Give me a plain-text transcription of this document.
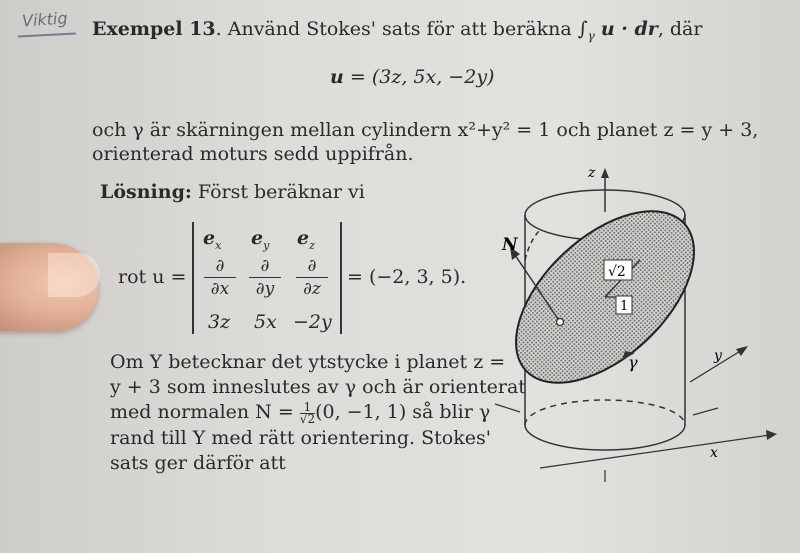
Viktig Exempel 13. Använd Stokes' sats för att beräkna $\int_\gamma$ u · dr, där
u = (3z, 5x, −2y)
och γ är skärningen mellan cylindern x²+y² = 1 och planet z = y + 3,
orienterad moturs sedd uppifrån.
Lösning: Först beräknar vi
rot u =
$e_x$ $e_y$ $e_z$
∂
∂x
∂
∂y
∂
∂z
3z 5x −2y
= (−2, 3, 5).
Om Y betecknar det ytstycke i planet z =
y + 3 som inneslutes av γ och är orienterat
med normalen $N = \frac{1}{√2} (0$, −1, 1) så blir γ
rand till Y med rätt orientering. Stokes'
sats ger därför att
z
√2
1
N
γ	y
x
